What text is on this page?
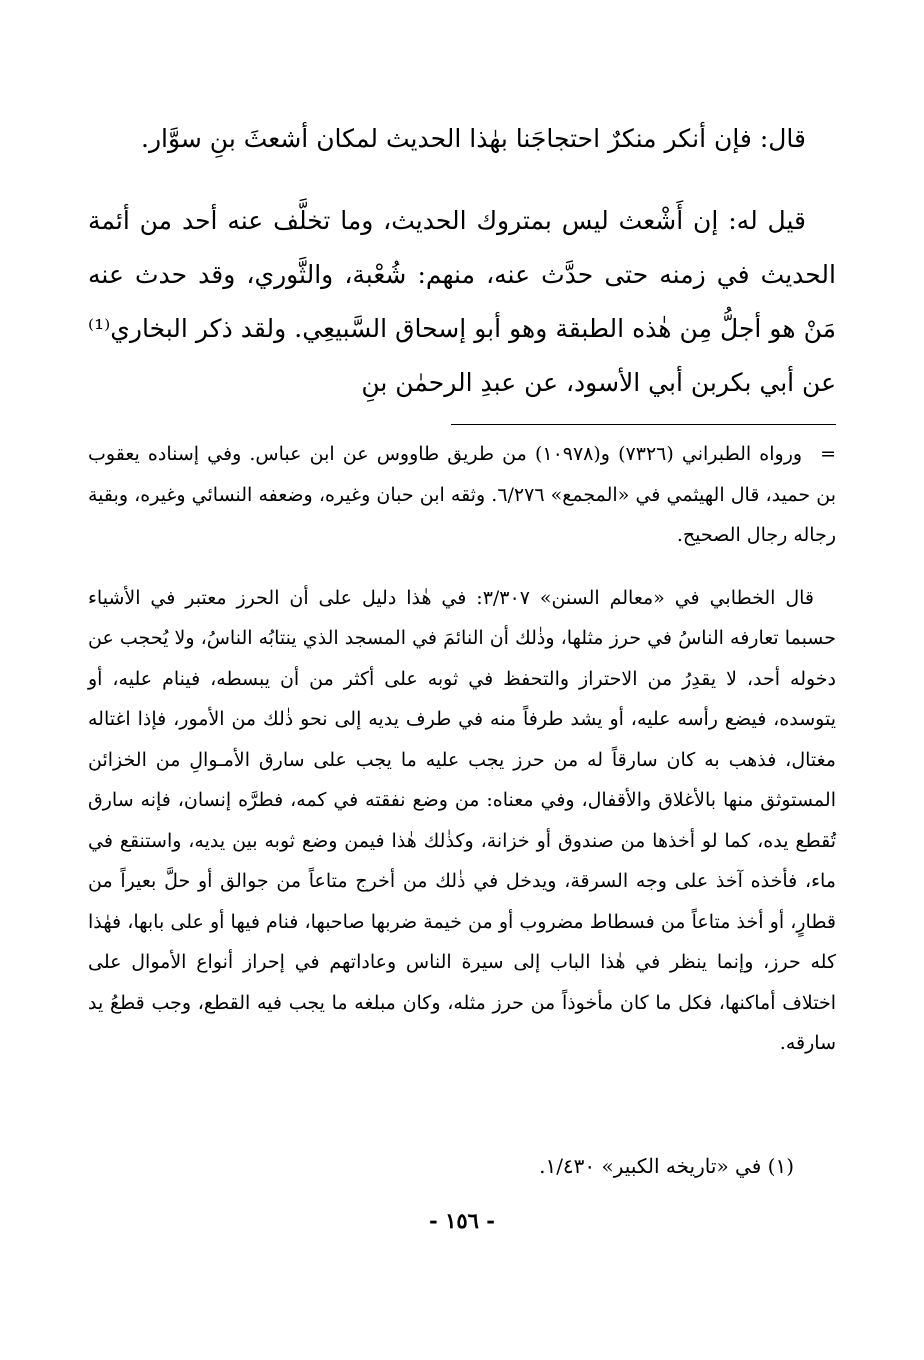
قال: فإن أنكر منكرٌ احتجاجَنا بهٰذا الحديث لمكان أشعثَ بنِ سوَّار.

قيل له: إن أَشْعث ليس بمتروك الحديث، وما تخلَّف عنه أحد من أئمة الحديث في زمنه حتى حدَّث عنه، منهم: شُعْبة، والثَّوري، وقد حدث عنه مَنْ هو أجلُّ مِن هٰذه الطبقة وهو أبو إسحاق السَّبيعِي. ولقد ذكر البخاري⁽¹⁾ عن أبي بكربن أبي الأسود، عن عبدِ الرحمٰن بنِ

=ورواه الطبراني (٧٣٢٦) و(١٠٩٧٨) من طريق طاووس عن ابن عباس. وفي إسناده يعقوب بن حميد، قال الهيثمي في «المجمع» ٦/٢٧٦. وثقه ابن حبان وغيره، وضعفه النسائي وغيره، وبقية رجاله رجال الصحيح.

قال الخطابي في «معالم السنن» ٣/٣٠٧: في هٰذا دليل على أن الحرز معتبر في الأشياء حسبما تعارفه الناسُ في حرز مثلها، وذٰلك أن النائمَ في المسجد الذي ينتابُه الناسُ، ولا يُحجب عن دخوله أحد، لا يقدِرُ من الاحتراز والتحفظ في ثوبه على أكثر من أن يبسطه، فينام عليه، أو يتوسده، فيضع رأسه عليه، أو يشد طرفاً منه في طرف يديه إلى نحو ذٰلك من الأمور، فإذا اغتاله مغتال، فذهب به كان سارقاً له من حرز يجب عليه ما يجب على سارق الأمـوالِ من الخزائن المستوثق منها بالأغلاق والأقفال، وفي معناه: من وضع نفقته في كمه، فطرَّه إنسان، فإنه سارق تُقطع يده، كما لو أخذها من صندوق أو خزانة، وكذٰلك هٰذا فيمن وضع ثوبه بين يديه، واستنقع في ماء، فأخذه آخذ على وجه السرقة، ويدخل في ذٰلك من أخرج متاعاً من جوالق أو حلَّ بعيراً من قطارٍ، أو أخذ متاعاً من فسطاط مضروب أو من خيمة ضربها صاحبها، فنام فيها أو على بابها، فهٰذا كله حرز، وإنما ينظر في هٰذا الباب إلى سيرة الناس وعاداتهم في إحراز أنواع الأموال على اختلاف أماكنها، فكل ما كان مأخوذاً من حرز مثله، وكان مبلغه ما يجب فيه القطع، وجب قطعُ يد سارقه.

(١) في «تاريخه الكبير» ١/٤٣٠.
- ١٥٦ -
